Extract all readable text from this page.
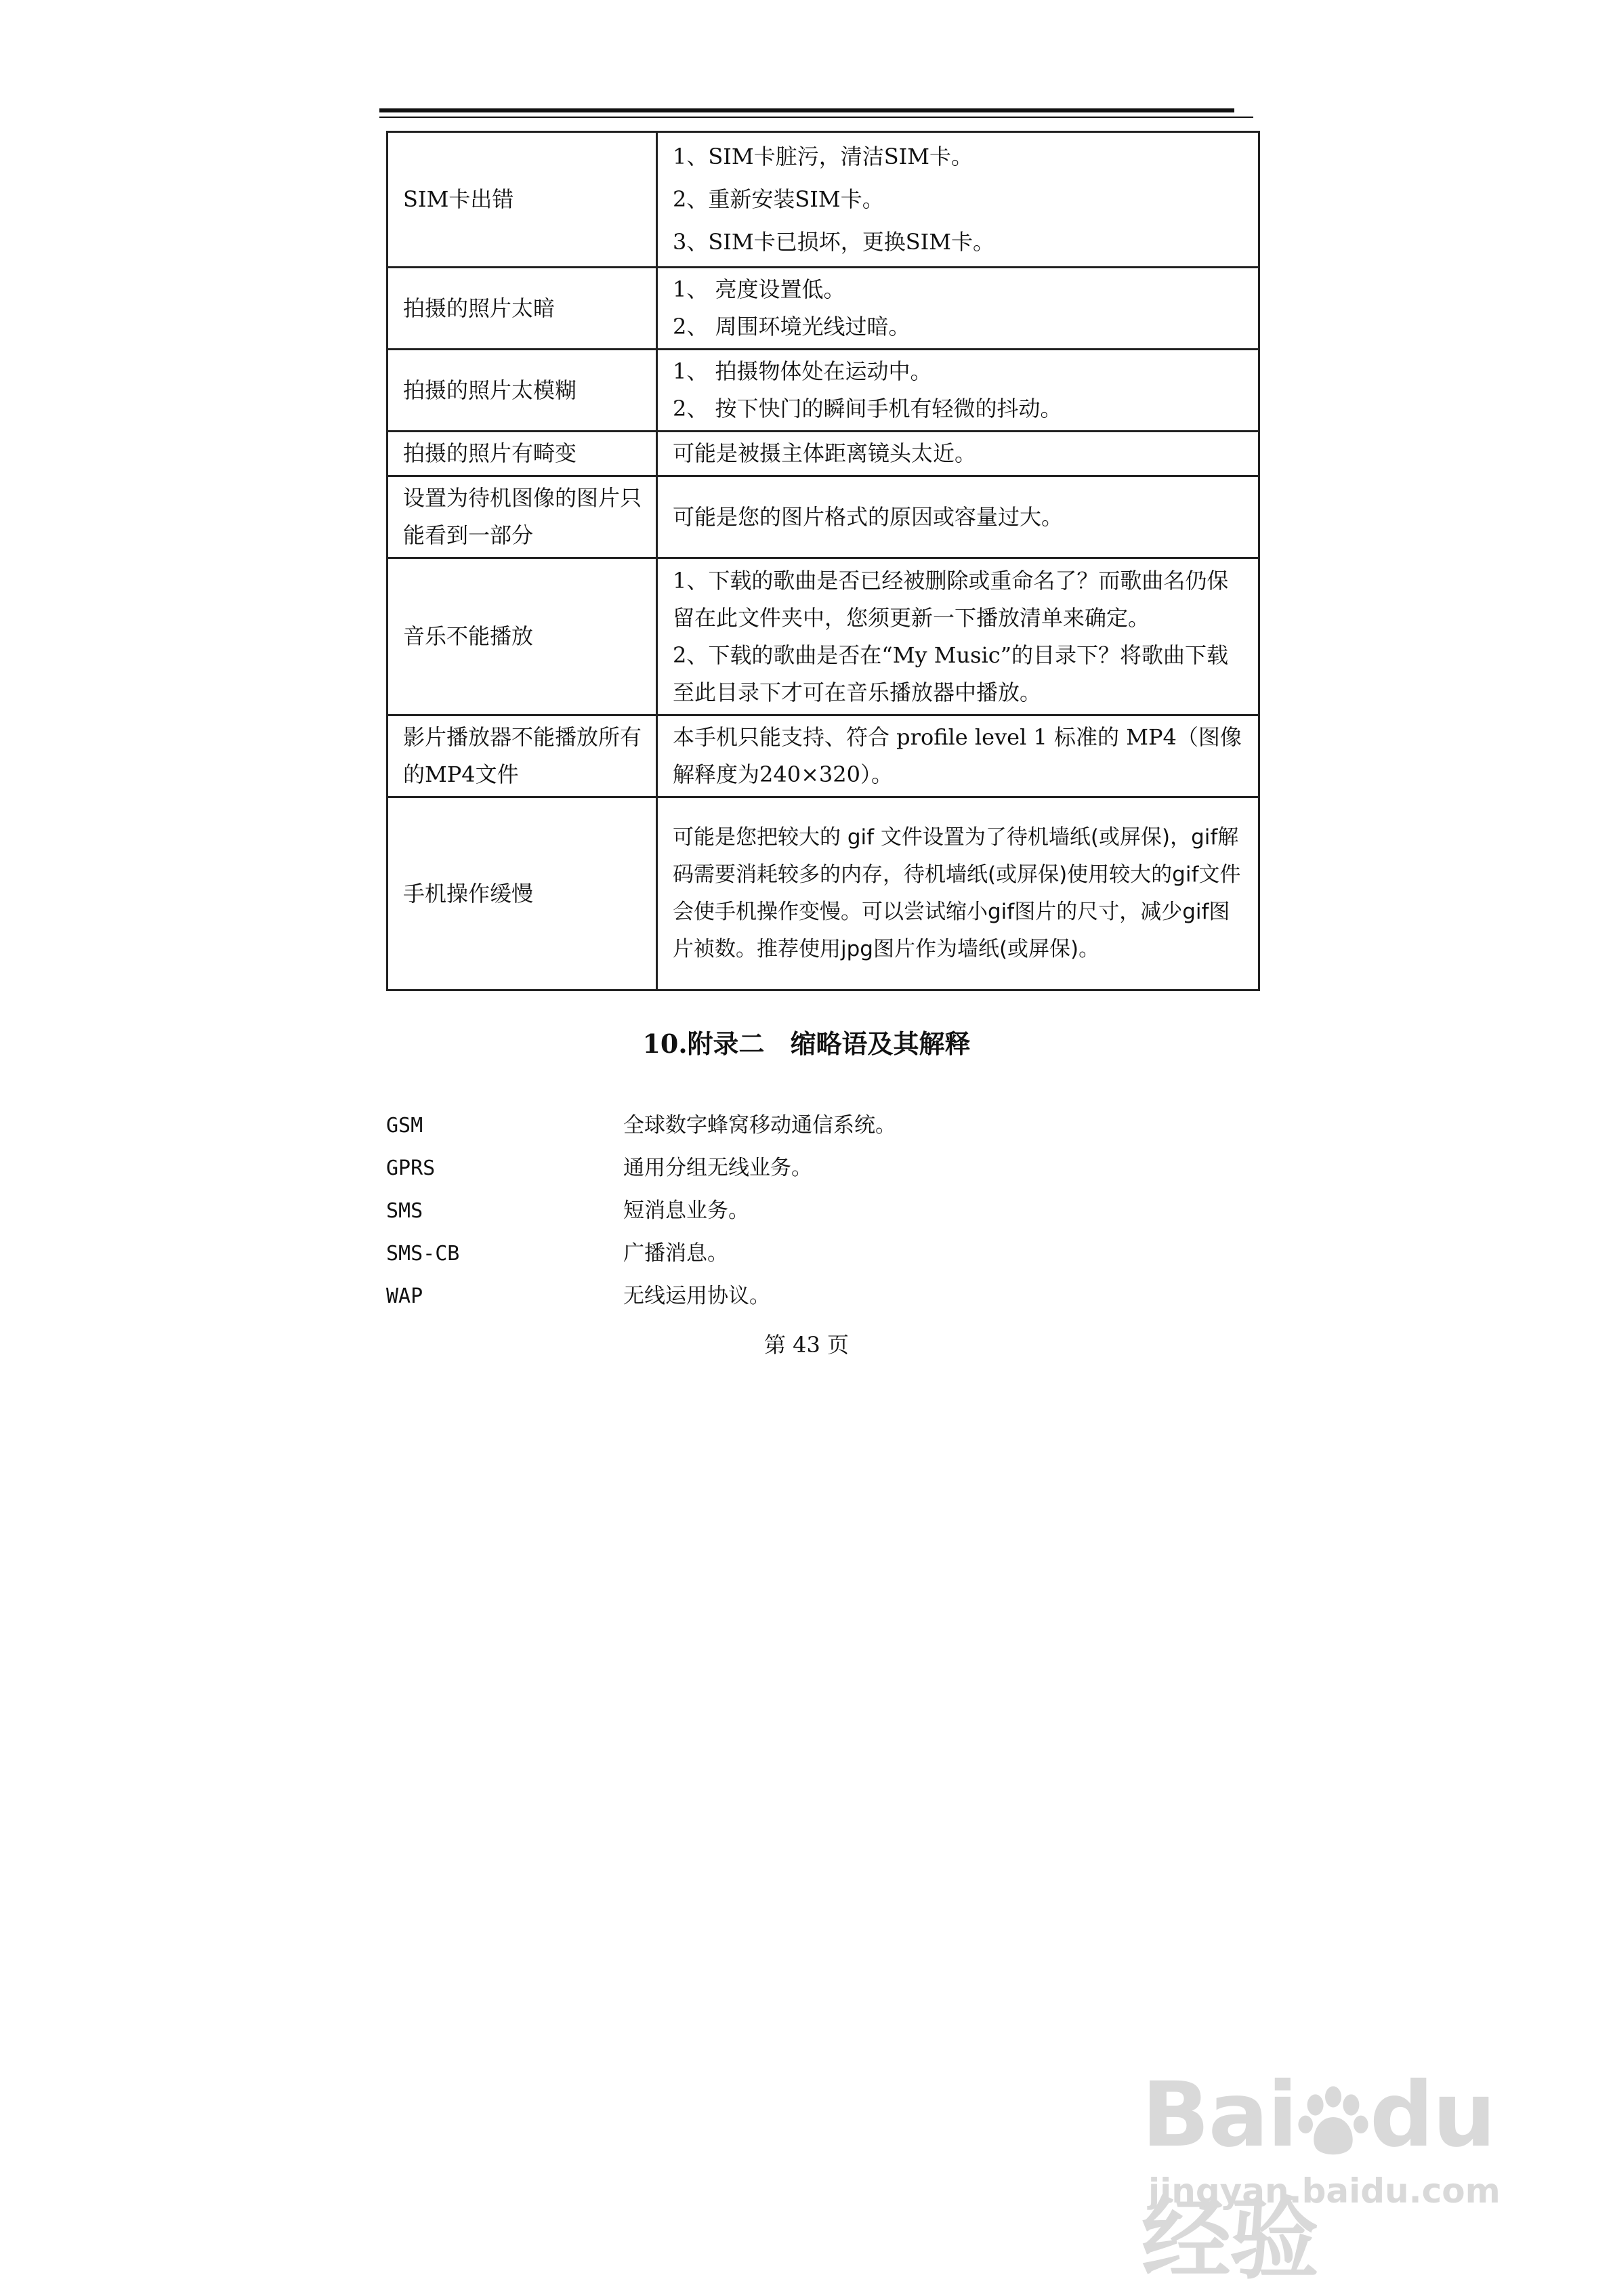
SIM卡出错	1、SIM卡脏污，清洁SIM卡。
2、重新安装SIM卡。
3、SIM卡已损坏，更换SIM卡。

拍摄的照片太暗	1、 亮度设置低。
2、 周围环境光线过暗。

拍摄的照片太模糊	1、 拍摄物体处在运动中。
2、 按下快门的瞬间手机有轻微的抖动。

拍摄的照片有畸变	可能是被摄主体距离镜头太近。

设置为待机图像的图片只能看到一部分	可能是您的图片格式的原因或容量过大。

音乐不能播放	1、下载的歌曲是否已经被删除或重命名了？而歌曲名仍保留在此文件夹中，您须更新一下播放清单来确定。
2、下载的歌曲是否在“My Music”的目录下？将歌曲下载至此目录下才可在音乐播放器中播放。

影片播放器不能播放所有的MP4文件	本手机只能支持、符合 profile level 1 标准的 MP4（图像解释度为240×320）。

手机操作缓慢	可能是您把较大的 gif 文件设置为了待机墙纸(或屏保)，gif解码需要消耗较多的内存，待机墙纸(或屏保)使用较大的gif文件会使手机操作变慢。可以尝试缩小gif图片的尺寸，减少gif图片祯数。推荐使用jpg图片作为墙纸(或屏保)。
10.附录二　缩略语及其解释
GSM	全球数字蜂窝移动通信系统。
GPRS	通用分组无线业务。
SMS	短消息业务。
SMS-CB	广播消息。
WAP	无线运用协议。
第 43 页
Bai du经验
jingyan.baidu.com
